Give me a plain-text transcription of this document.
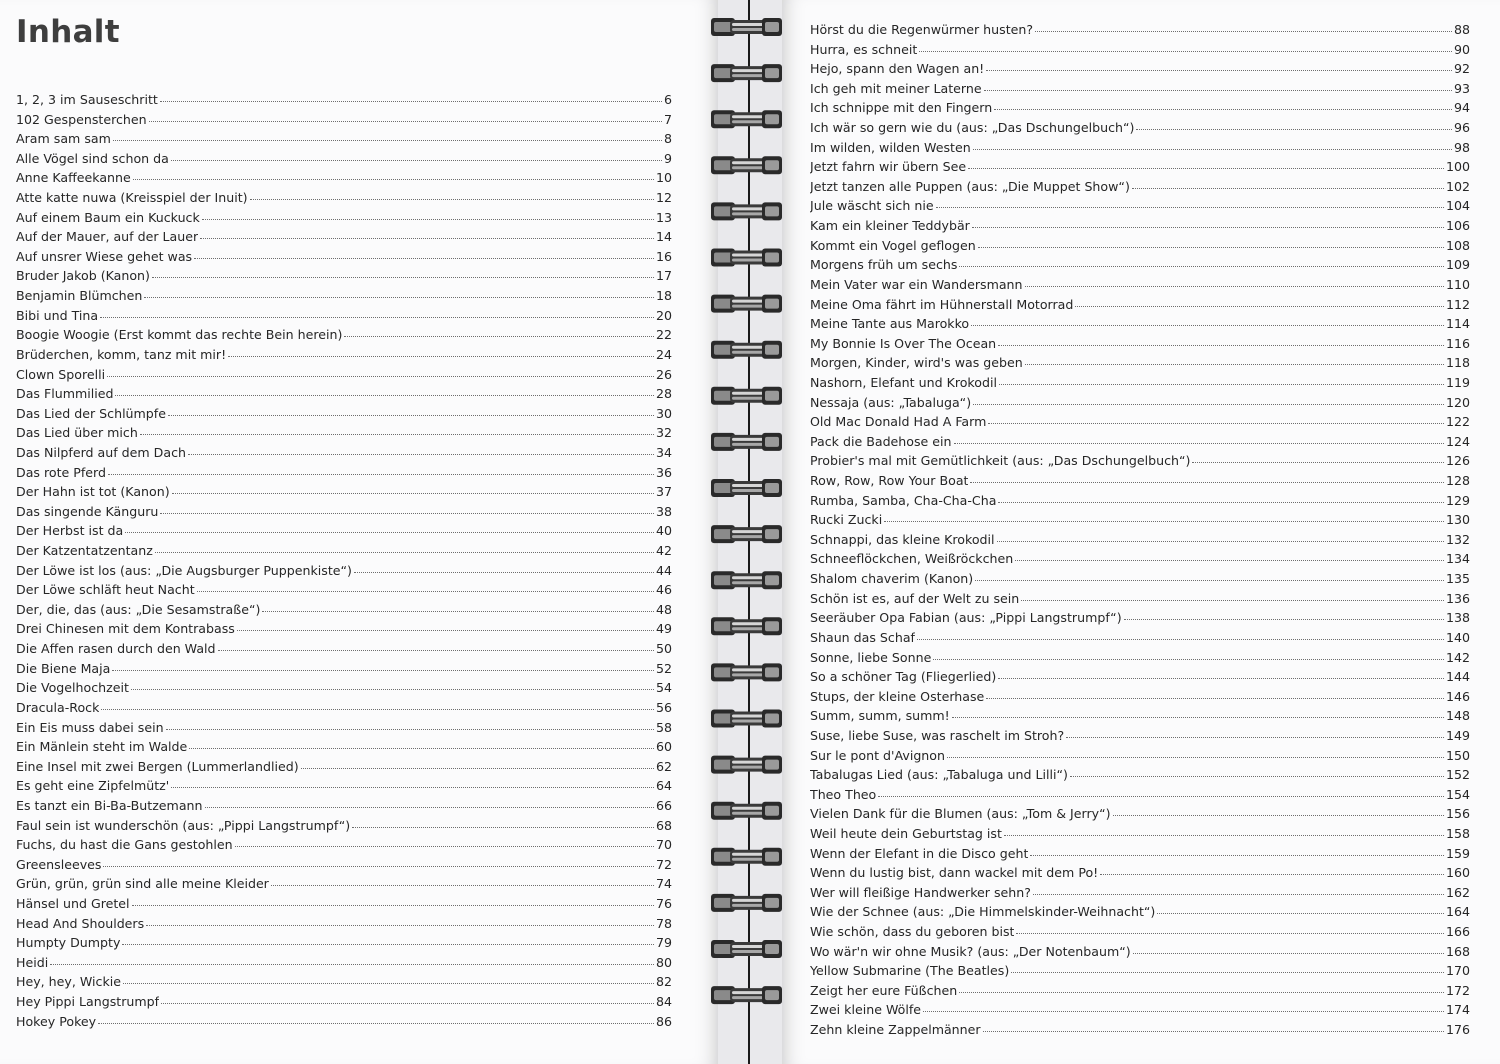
Inhalt
1, 2, 3 im Sauseschritt	6
102 Gespensterchen	7
Aram sam sam	8
Alle Vögel sind schon da	9
Anne Kaffeekanne	10
Atte katte nuwa (Kreisspiel der Inuit)	12
Auf einem Baum ein Kuckuck	13
Auf der Mauer, auf der Lauer	14
Auf unsrer Wiese gehet was	16
Bruder Jakob (Kanon)	17
Benjamin Blümchen	18
Bibi und Tina	20
Boogie Woogie (Erst kommt das rechte Bein herein)	22
Brüderchen, komm, tanz mit mir!	24
Clown Sporelli	26
Das Flummilied	28
Das Lied der Schlümpfe	30
Das Lied über mich	32
Das Nilpferd auf dem Dach	34
Das rote Pferd	36
Der Hahn ist tot (Kanon)	37
Das singende Känguru	38
Der Herbst ist da	40
Der Katzentatzentanz	42
Der Löwe ist los (aus: „Die Augsburger Puppenkiste“)	44
Der Löwe schläft heut Nacht	46
Der, die, das (aus: „Die Sesamstraße“)	48
Drei Chinesen mit dem Kontrabass	49
Die Affen rasen durch den Wald	50
Die Biene Maja	52
Die Vogelhochzeit	54
Dracula-Rock	56
Ein Eis muss dabei sein	58
Ein Mänlein steht im Walde	60
Eine Insel mit zwei Bergen (Lummerlandlied)	62
Es geht eine Zipfelmütz'	64
Es tanzt ein Bi-Ba-Butzemann	66
Faul sein ist wunderschön (aus: „Pippi Langstrumpf“)	68
Fuchs, du hast die Gans gestohlen	70
Greensleeves	72
Grün, grün, grün sind alle meine Kleider	74
Hänsel und Gretel	76
Head And Shoulders	78
Humpty Dumpty	79
Heidi	80
Hey, hey, Wickie	82
Hey Pippi Langstrumpf	84
Hokey Pokey	86
Hörst du die Regenwürmer husten?	88
Hurra, es schneit	90
Hejo, spann den Wagen an!	92
Ich geh mit meiner Laterne	93
Ich schnippe mit den Fingern	94
Ich wär so gern wie du (aus: „Das Dschungelbuch“)	96
Im wilden, wilden Westen	98
Jetzt fahrn wir übern See	100
Jetzt tanzen alle Puppen (aus: „Die Muppet Show“)	102
Jule wäscht sich nie	104
Kam ein kleiner Teddybär	106
Kommt ein Vogel geflogen	108
Morgens früh um sechs	109
Mein Vater war ein Wandersmann	110
Meine Oma fährt im Hühnerstall Motorrad	112
Meine Tante aus Marokko	114
My Bonnie Is Over The Ocean	116
Morgen, Kinder, wird's was geben	118
Nashorn, Elefant und Krokodil	119
Nessaja (aus: „Tabaluga“)	120
Old Mac Donald Had A Farm	122
Pack die Badehose ein	124
Probier's mal mit Gemütlichkeit (aus: „Das Dschungelbuch“)	126
Row, Row, Row Your Boat	128
Rumba, Samba, Cha-Cha-Cha	129
Rucki Zucki	130
Schnappi, das kleine Krokodil	132
Schneeflöckchen, Weißröckchen	134
Shalom chaverim (Kanon)	135
Schön ist es, auf der Welt zu sein	136
Seeräuber Opa Fabian (aus: „Pippi Langstrumpf“)	138
Shaun das Schaf	140
Sonne, liebe Sonne	142
So a schöner Tag (Fliegerlied)	144
Stups, der kleine Osterhase	146
Summ, summ, summ!	148
Suse, liebe Suse, was raschelt im Stroh?	149
Sur le pont d'Avignon	150
Tabalugas Lied (aus: „Tabaluga und Lilli“)	152
Theo Theo	154
Vielen Dank für die Blumen (aus: „Tom & Jerry“)	156
Weil heute dein Geburtstag ist	158
Wenn der Elefant in die Disco geht	159
Wenn du lustig bist, dann wackel mit dem Po!	160
Wer will fleißige Handwerker sehn?	162
Wie der Schnee (aus: „Die Himmelskinder-Weihnacht“)	164
Wie schön, dass du geboren bist	166
Wo wär'n wir ohne Musik? (aus: „Der Notenbaum“)	168
Yellow Submarine (The Beatles)	170
Zeigt her eure Füßchen	172
Zwei kleine Wölfe	174
Zehn kleine Zappelmänner	176
